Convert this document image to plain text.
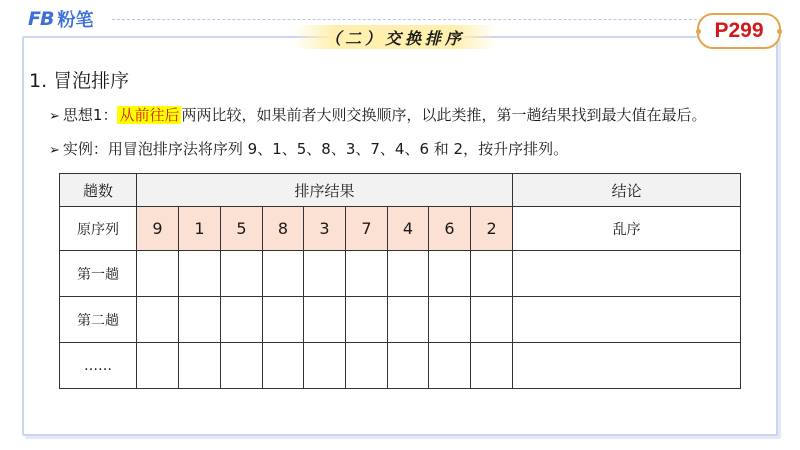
FB 粉笔
（二）交换排序	P299
1. 冒泡排序
➢ 思想1： 从前往后 两两比较，如果前者大则交换顺序，以此类推，第一趟结果找到最大值在最后。
➢ 实例：用冒泡排序法将序列 9、1、5、8、3、7、4、6 和 2，按升序排列。
趟数	排序结果									结论
原序列	9	1	5	8	3	7	4	6	2	乱序
第一趟										
第二趟										
……										
